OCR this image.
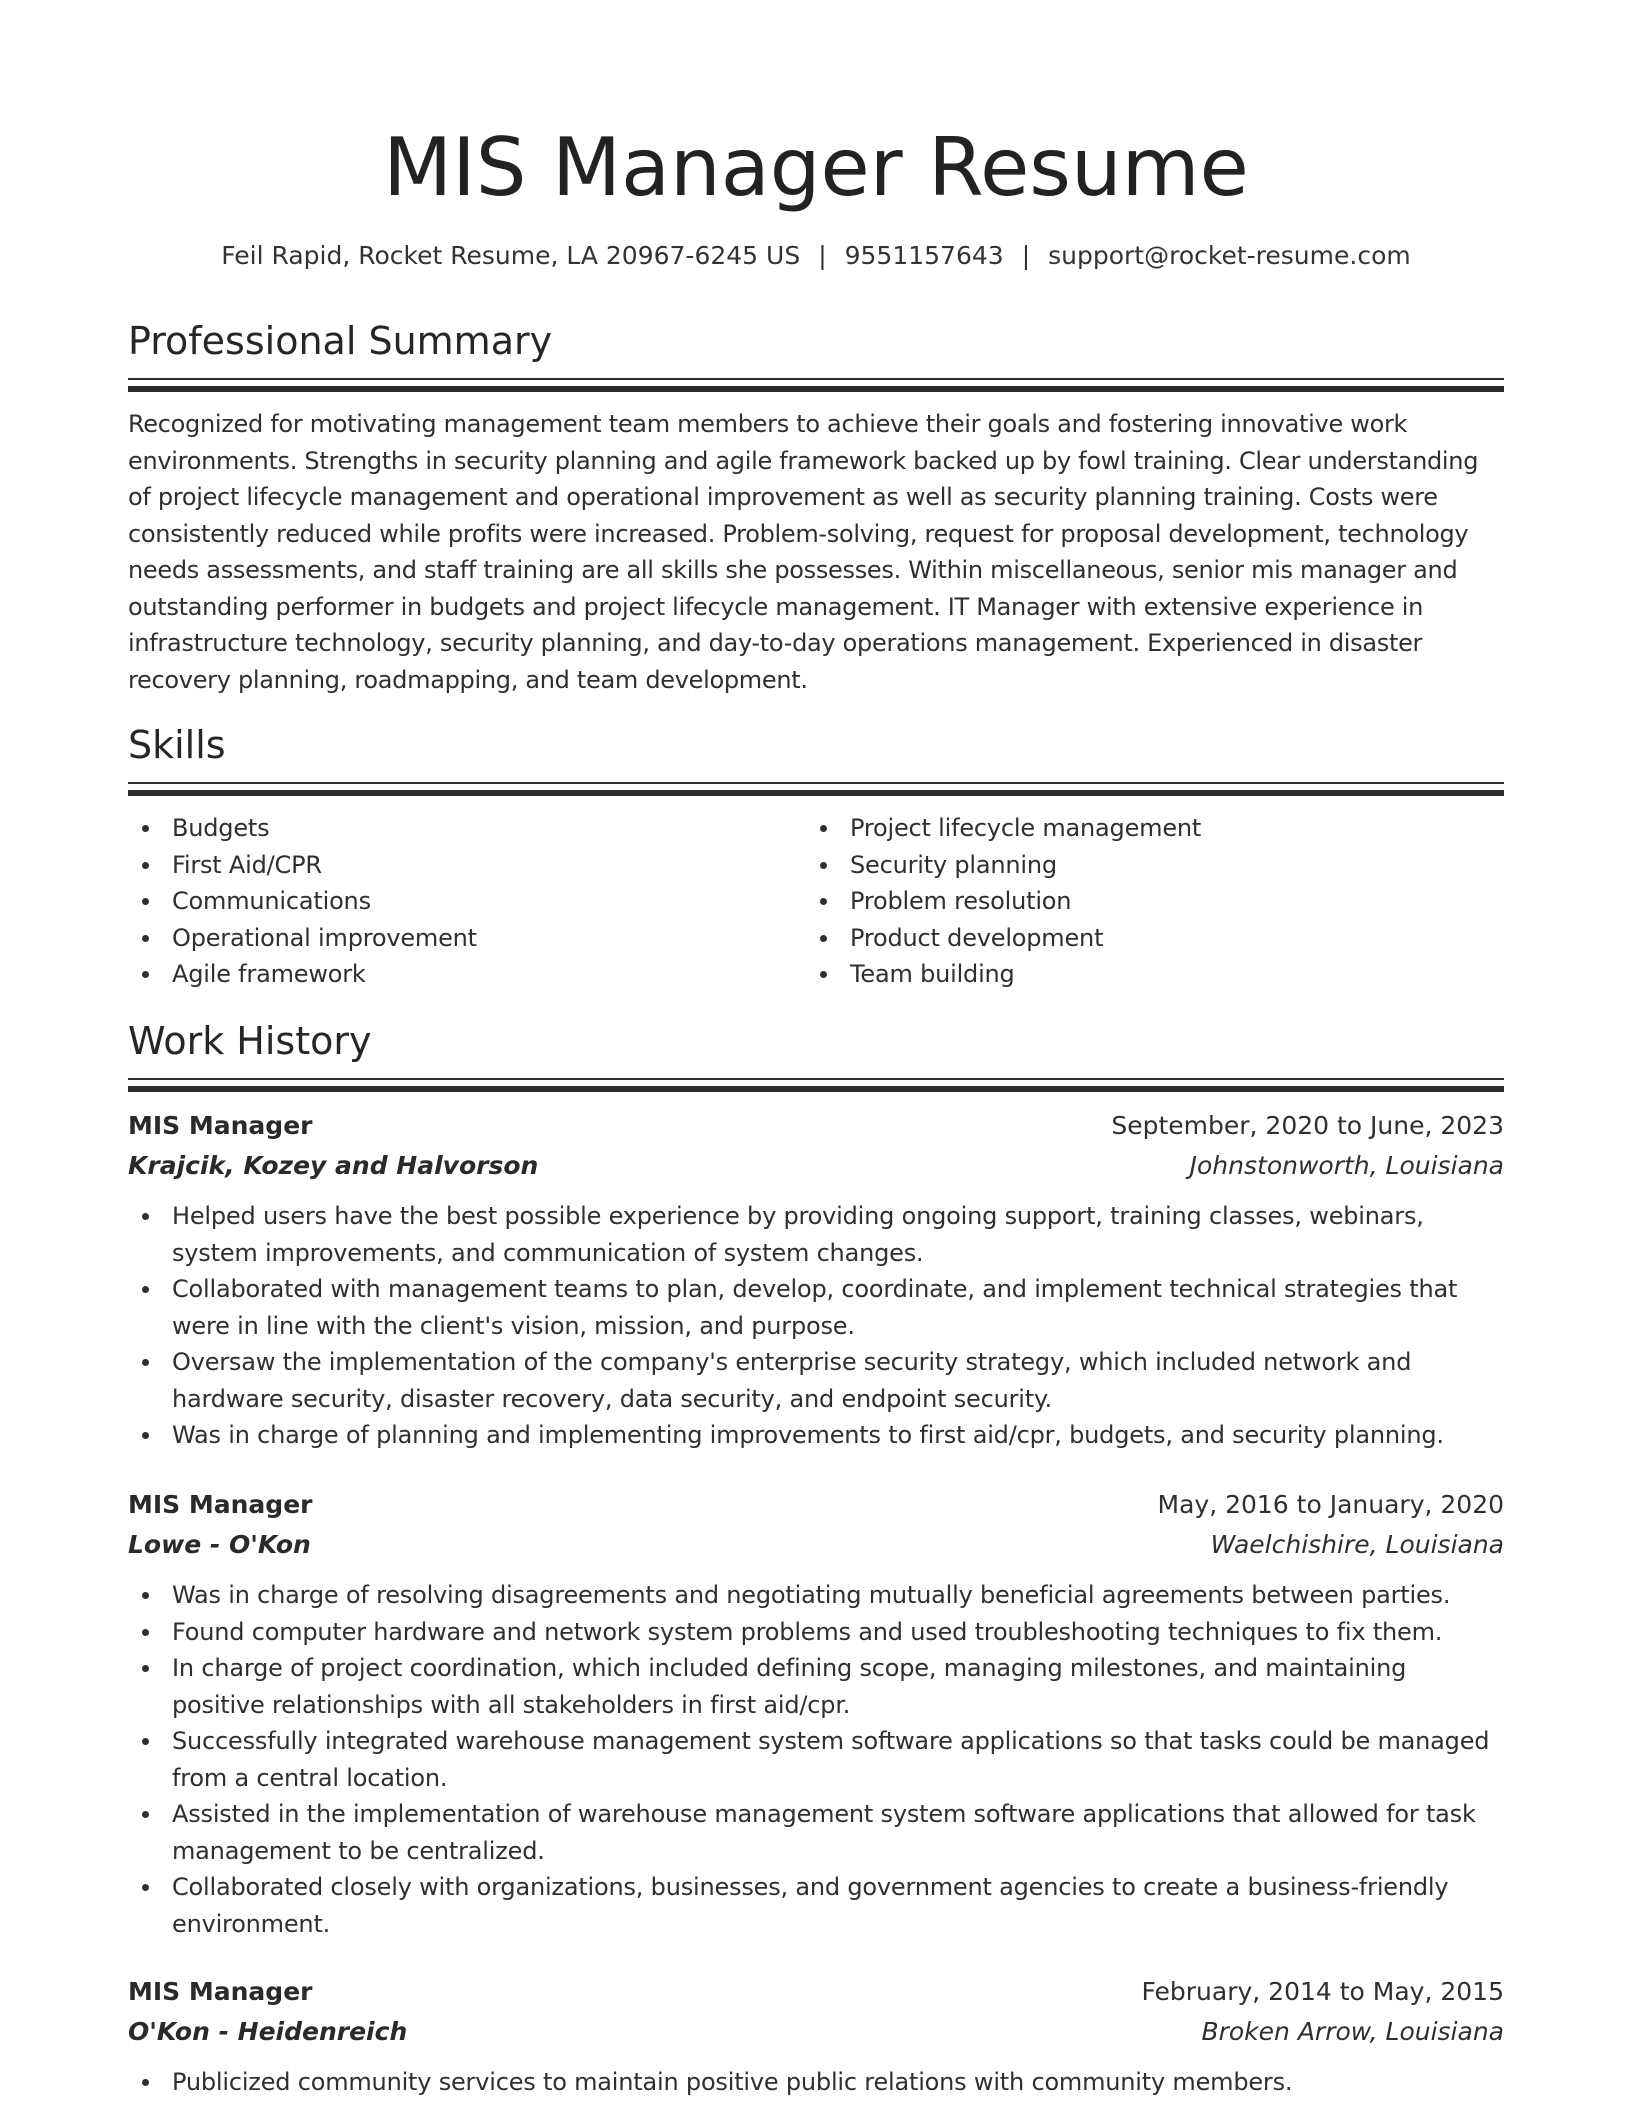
MIS Manager Resume
Feil Rapid, Rocket Resume, LA 20967-6245 US | 9551157643 | support@rocket-resume.com
Professional Summary

Recognized for motivating management team members to achieve their goals and fostering innovative work environments. Strengths in security planning and agile framework backed up by fowl training. Clear understanding of project lifecycle management and operational improvement as well as security planning training. Costs were consistently reduced while profits were increased. Problem-solving, request for proposal development, technology needs assessments, and staff training are all skills she possesses. Within miscellaneous, senior mis manager and outstanding performer in budgets and project lifecycle management. IT Manager with extensive experience in infrastructure technology, security planning, and day-to-day operations management. Experienced in disaster recovery planning, roadmapping, and team development.

Skills
Budgets
First Aid/CPR
Communications
Operational improvement
Agile framework
Project lifecycle management
Security planning
Problem resolution
Product development
Team building
Work History
MIS Manager	September, 2020 to June, 2023
Krajcik, Kozey and Halvorson	Johnstonworth, Louisiana
Helped users have the best possible experience by providing ongoing support, training classes, webinars, system improvements, and communication of system changes.
Collaborated with management teams to plan, develop, coordinate, and implement technical strategies that were in line with the client's vision, mission, and purpose.
Oversaw the implementation of the company's enterprise security strategy, which included network and hardware security, disaster recovery, data security, and endpoint security.
Was in charge of planning and implementing improvements to first aid/cpr, budgets, and security planning.
MIS Manager	May, 2016 to January, 2020
Lowe - O'Kon	Waelchishire, Louisiana
Was in charge of resolving disagreements and negotiating mutually beneficial agreements between parties.
Found computer hardware and network system problems and used troubleshooting techniques to fix them.
In charge of project coordination, which included defining scope, managing milestones, and maintaining positive relationships with all stakeholders in first aid/cpr.
Successfully integrated warehouse management system software applications so that tasks could be managed from a central location.
Assisted in the implementation of warehouse management system software applications that allowed for task management to be centralized.
Collaborated closely with organizations, businesses, and government agencies to create a business-friendly environment.
MIS Manager	February, 2014 to May, 2015
O'Kon - Heidenreich	Broken Arrow, Louisiana
Publicized community services to maintain positive public relations with community members.
